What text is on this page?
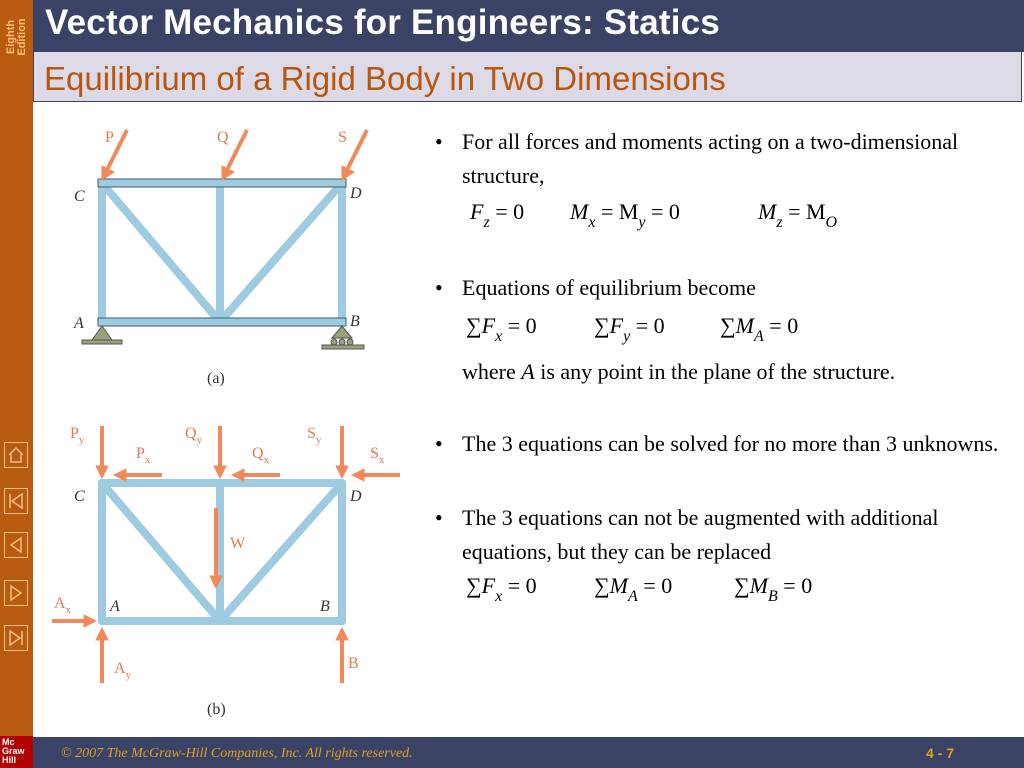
Eighth Edition
Mc Graw Hill
Vector Mechanics for Engineers: Statics
Equilibrium of a Rigid Body in Two Dimensions
P	Q	S
C	D
A	B
(a)
$P_y$
$P_x$
$Q_y$
$Q_x$
$S_y$
$S_x$
W
$A_x$
$A_y$
B
C	D
A	B
(b)
• For all forces and moments acting on a two-dimensional structure,
$F_z = 0$ $M_x = M_y = 0$	$M_z = M_O$
• Equations of equilibrium become
$\sum F_x = 0$	$\sum F_y = 0$	$\sum M_A = 0$
where A is any point in the plane of the structure.
• The 3 equations can be solved for no more than 3 unknowns.
• The 3 equations can not be augmented with additional equations, but they can be replaced
$\sum F_x = 0$	$\sum M_A = 0$	$\sum M_B = 0$
© 2007 The McGraw-Hill Companies, Inc. All rights reserved.	4 - 7
